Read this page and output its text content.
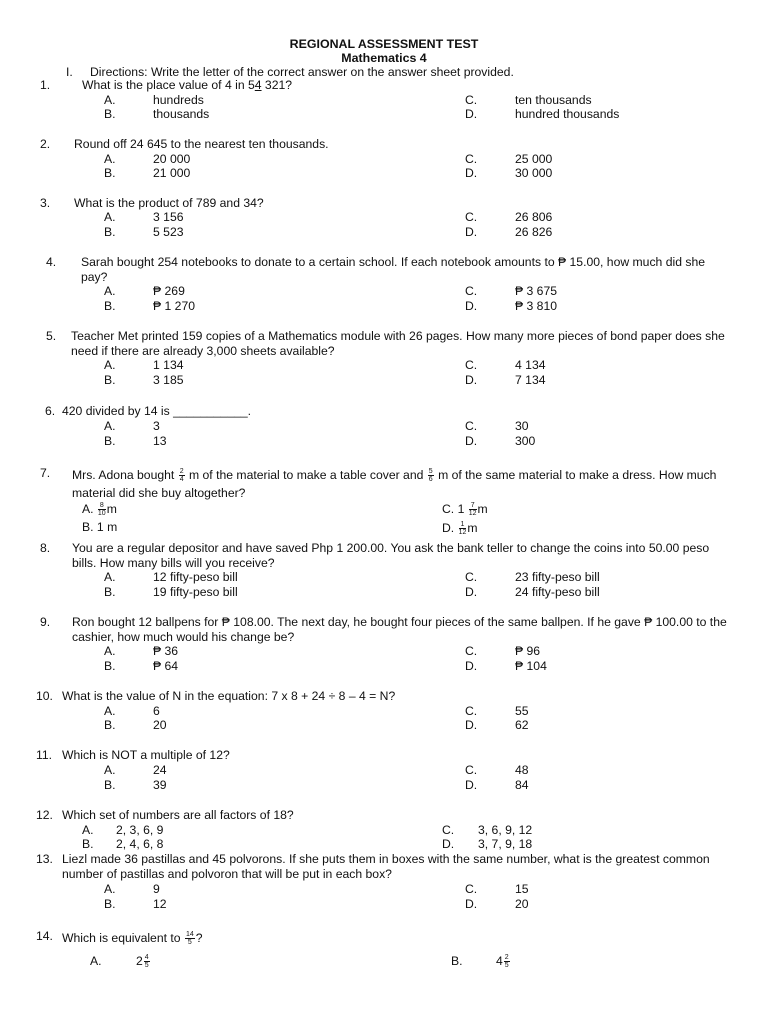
REGIONAL ASSESSMENT TEST
Mathematics 4
I. Directions: Write the letter of the correct answer on the answer sheet provided.
1.	What is the place value of 4 in 54 321?
A.	hundreds
B.	thousands
C.	ten thousands
D.	hundred thousands
2. Round off 24 645 to the nearest ten thousands.
A.	20 000
B.	21 000
C.	25 000
D.	30 000
3. What is the product of 789 and 34?
A.	3 156
B.	5 523
C.	26 806
D.	26 826
4. Sarah bought 254 notebooks to donate to a certain school. If each notebook amounts to ₱ 15.00, how much did she pay?
A.	₱ 269
B.	₱ 1 270
C.	₱ 3 675
D.	₱ 3 810
5. Teacher Met printed 159 copies of a Mathematics module with 26 pages. How many more pieces of bond paper does she need if there are already 3,000 sheets available?
A.	1 134
B.	3 185
C.	4 134
D.	7 134
6. 420 divided by 14 is ___________.
A.	3
B.	13
C.	30
D.	300
7. Mrs. Adona bought $\frac{2}{4}$ m of the material to make a table cover and $\frac{5}{6}$ m of the same material to make a dress. How much material did she buy altogether?
A. $\frac{8}{10}$ m
B. 1 m
C. $1 \frac{7}{12}$ m
D. $\frac{1}{12}$ m
8. You are a regular depositor and have saved Php 1 200.00. You ask the bank teller to change the coins into 50.00 peso bills. How many bills will you receive?
A.	12 fifty-peso bill
B.	19 fifty-peso bill
C.	23 fifty-peso bill
D.	24 fifty-peso bill
9. Ron bought 12 ballpens for ₱ 108.00. The next day, he bought four pieces of the same ballpen. If he gave ₱ 100.00 to the cashier, how much would his change be?
A.	₱ 36
B.	₱ 64
C.	₱ 96
D.	₱ 104
10. What is the value of N in the equation: 7 x 8 + 24 ÷ 8 – 4 = N?
A.	6
B.	20
C.	55
D.	62
11. Which is NOT a multiple of 12?
A.	24
B.	39
C.	48
D.	84
12. Which set of numbers are all factors of 18?
A. 2, 3, 6, 9
B. 2, 4, 6, 8
C. 3, 6, 9, 12
D. 3, 7, 9, 18
13. Liezl made 36 pastillas and 45 polvorons. If she puts them in boxes with the same number, what is the greatest common number of pastillas and polvoron that will be put in each box?
A.	9
B.	12
C.	15
D.	20
14. Which is equivalent to $\frac{14}{5}$ ?
A.	$2 \frac{4}{5}$	B.	$4 \frac{2}{5}$
